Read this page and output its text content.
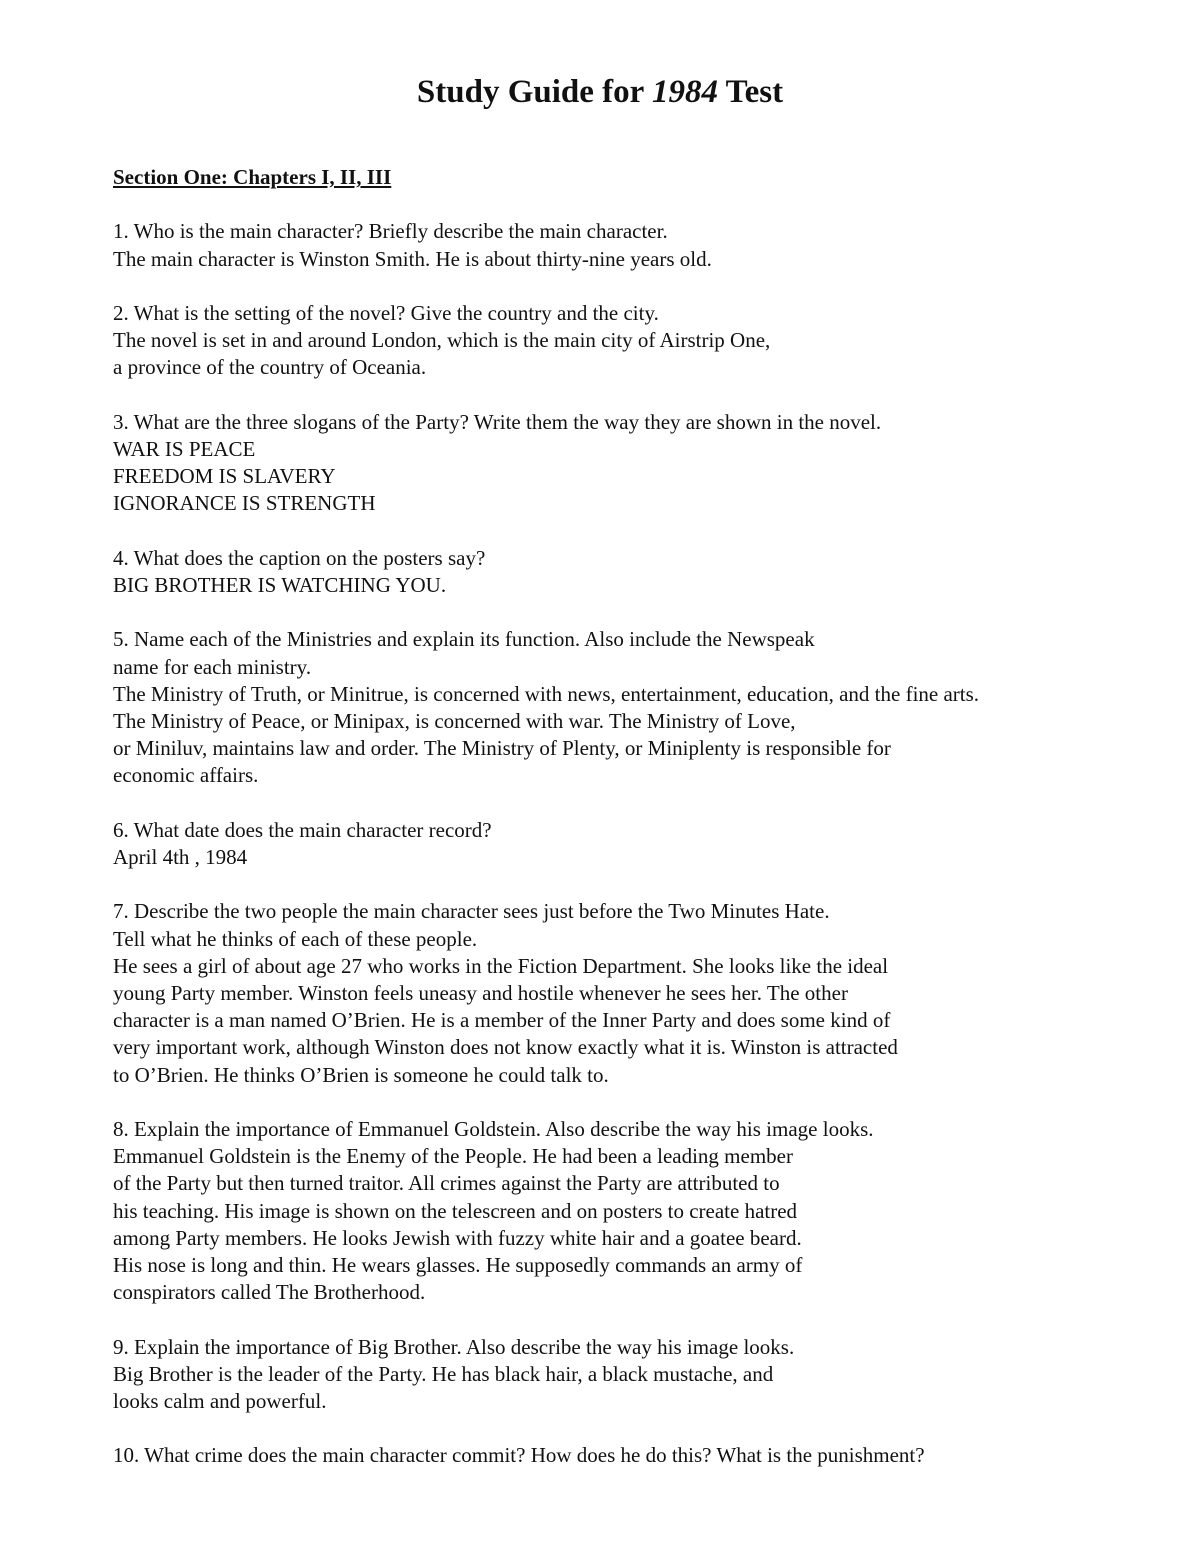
Study Guide for 1984 Test

Section One: Chapters I, II, III

1. Who is the main character? Briefly describe the main character.

The main character is Winston Smith. He is about thirty-nine years old.

2. What is the setting of the novel? Give the country and the city.

The novel is set in and around London, which is the main city of Airstrip One,

a province of the country of Oceania.

3. What are the three slogans of the Party? Write them the way they are shown in the novel.

WAR IS PEACE

FREEDOM IS SLAVERY

IGNORANCE IS STRENGTH

4. What does the caption on the posters say?

BIG BROTHER IS WATCHING YOU.

5. Name each of the Ministries and explain its function. Also include the Newspeak

name for each ministry.

The Ministry of Truth, or Minitrue, is concerned with news, entertainment, education, and the fine arts.

The Ministry of Peace, or Minipax, is concerned with war. The Ministry of Love,

or Miniluv, maintains law and order. The Ministry of Plenty, or Miniplenty is responsible for

economic affairs.

6. What date does the main character record?

April 4th , 1984

7. Describe the two people the main character sees just before the Two Minutes Hate.

Tell what he thinks of each of these people.

He sees a girl of about age 27 who works in the Fiction Department. She looks like the ideal

young Party member. Winston feels uneasy and hostile whenever he sees her. The other

character is a man named O’Brien. He is a member of the Inner Party and does some kind of

very important work, although Winston does not know exactly what it is. Winston is attracted

to O’Brien. He thinks O’Brien is someone he could talk to.

8. Explain the importance of Emmanuel Goldstein. Also describe the way his image looks.

Emmanuel Goldstein is the Enemy of the People. He had been a leading member

of the Party but then turned traitor. All crimes against the Party are attributed to

his teaching. His image is shown on the telescreen and on posters to create hatred

among Party members. He looks Jewish with fuzzy white hair and a goatee beard.

His nose is long and thin. He wears glasses. He supposedly commands an army of

conspirators called The Brotherhood.

9. Explain the importance of Big Brother. Also describe the way his image looks.

Big Brother is the leader of the Party. He has black hair, a black mustache, and

looks calm and powerful.

10. What crime does the main character commit? How does he do this? What is the punishment?
